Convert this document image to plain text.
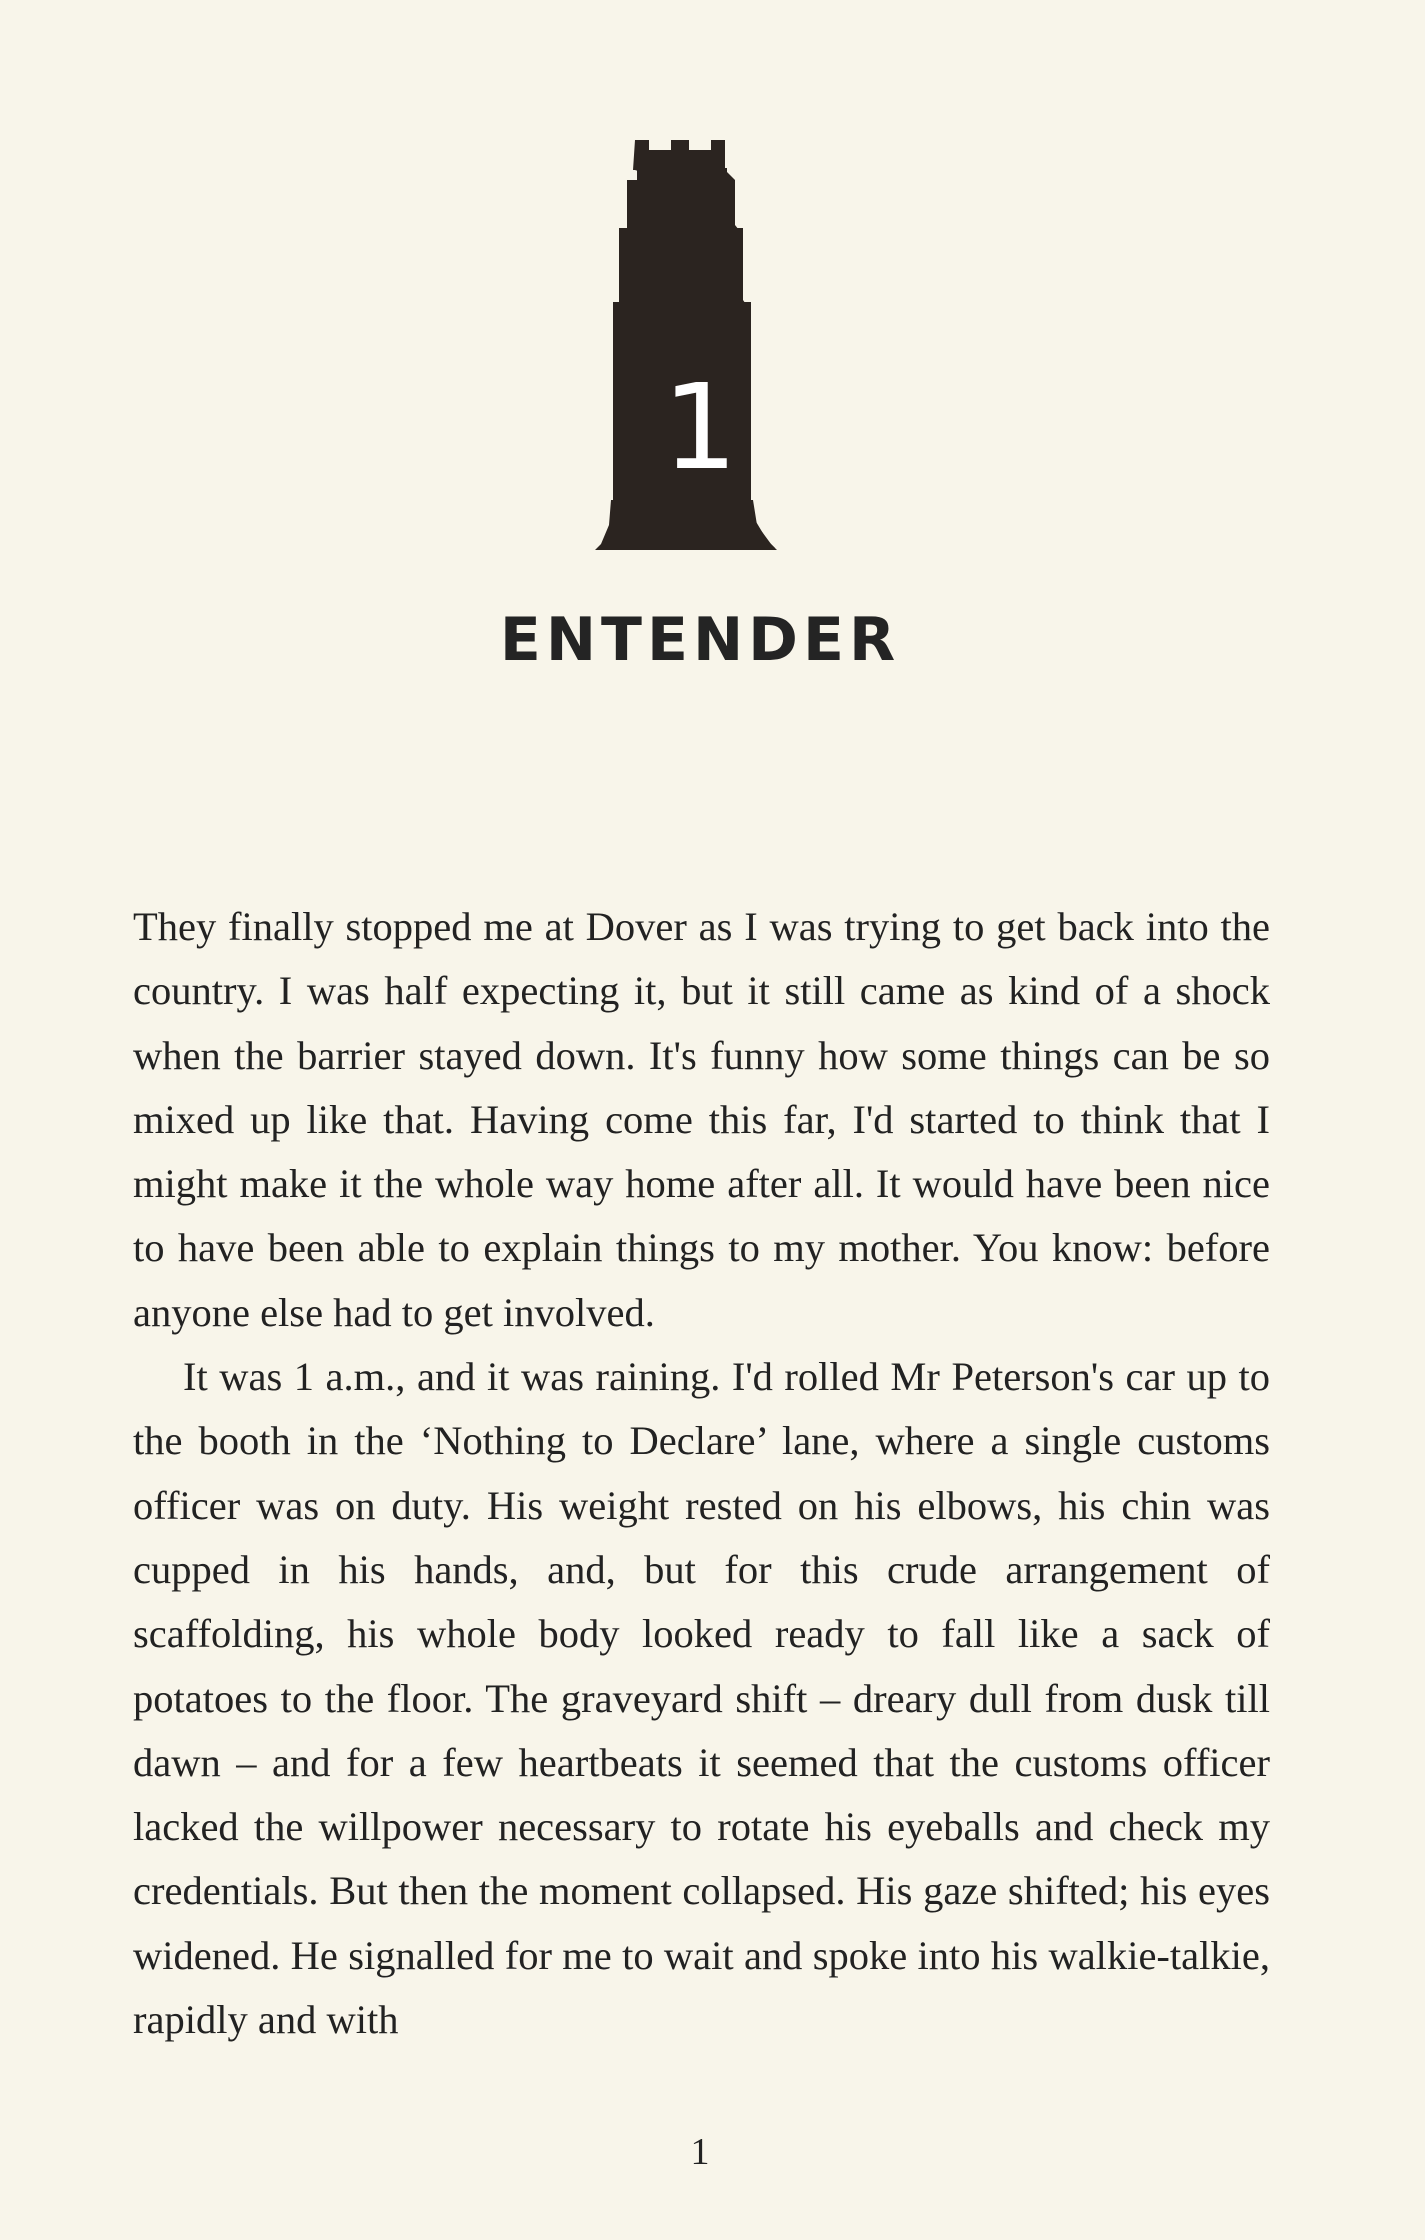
1
ENTENDER

They finally stopped me at Dover as I was trying to get back into the country. I was half expecting it, but it still came as kind of a shock when the barrier stayed down. It's funny how some things can be so mixed up like that. Having come this far, I'd started to think that I might make it the whole way home after all. It would have been nice to have been able to explain things to my mother. You know: before anyone else had to get involved.

It was 1 a.m., and it was raining. I'd rolled Mr Peterson's car up to the booth in the ‘Nothing to Declare’ lane, where a single customs officer was on duty. His weight rested on his elbows, his chin was cupped in his hands, and, but for this crude arrangement of scaffolding, his whole body looked ready to fall like a sack of potatoes to the floor. The graveyard shift – dreary dull from dusk till dawn – and for a few heartbeats it seemed that the customs officer lacked the willpower necessary to rotate his eyeballs and check my credentials. But then the moment collapsed. His gaze shifted; his eyes widened. He signalled for me to wait and spoke into his walkie-talkie, rapidly and with

1
